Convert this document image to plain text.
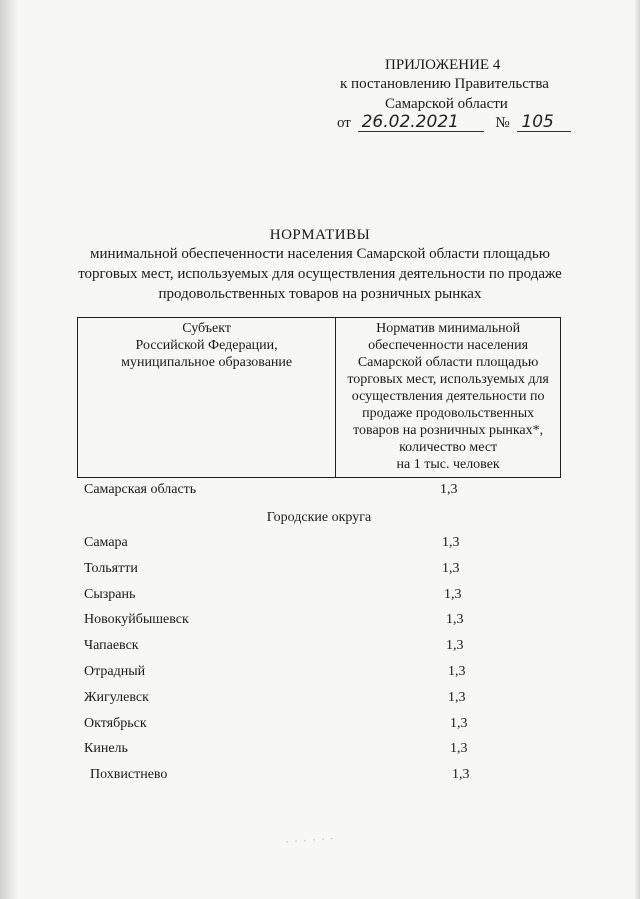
ПРИЛОЖЕНИЕ 4
к постановлению Правительства
Самарской области
от 26.02.2021 № 105
НОРМАТИВЫ
минимальной обеспеченности населения Самарской области площадью торговых мест, используемых для осуществления деятельности по продаже продовольственных товаров на розничных рынках
Субъект
Российской Федерации,
муниципальное образование

Норматив минимальной обеспеченности населения Самарской области площадью торговых мест, используемых для осуществления деятельности по продаже продовольственных товаров на розничных рынках*, количество мест
на 1 тыс. человек
Самарская область	1,3
Городские округа
Самара	1,3
Тольятти	1,3
Сызрань	1,3
Новокуйбышевск	1,3
Чапаевск	1,3
Отрадный	1,3
Жигулевск	1,3
Октябрьск	1,3
Кинель	1,3
Похвистнево	1,3
· · · · · ·
